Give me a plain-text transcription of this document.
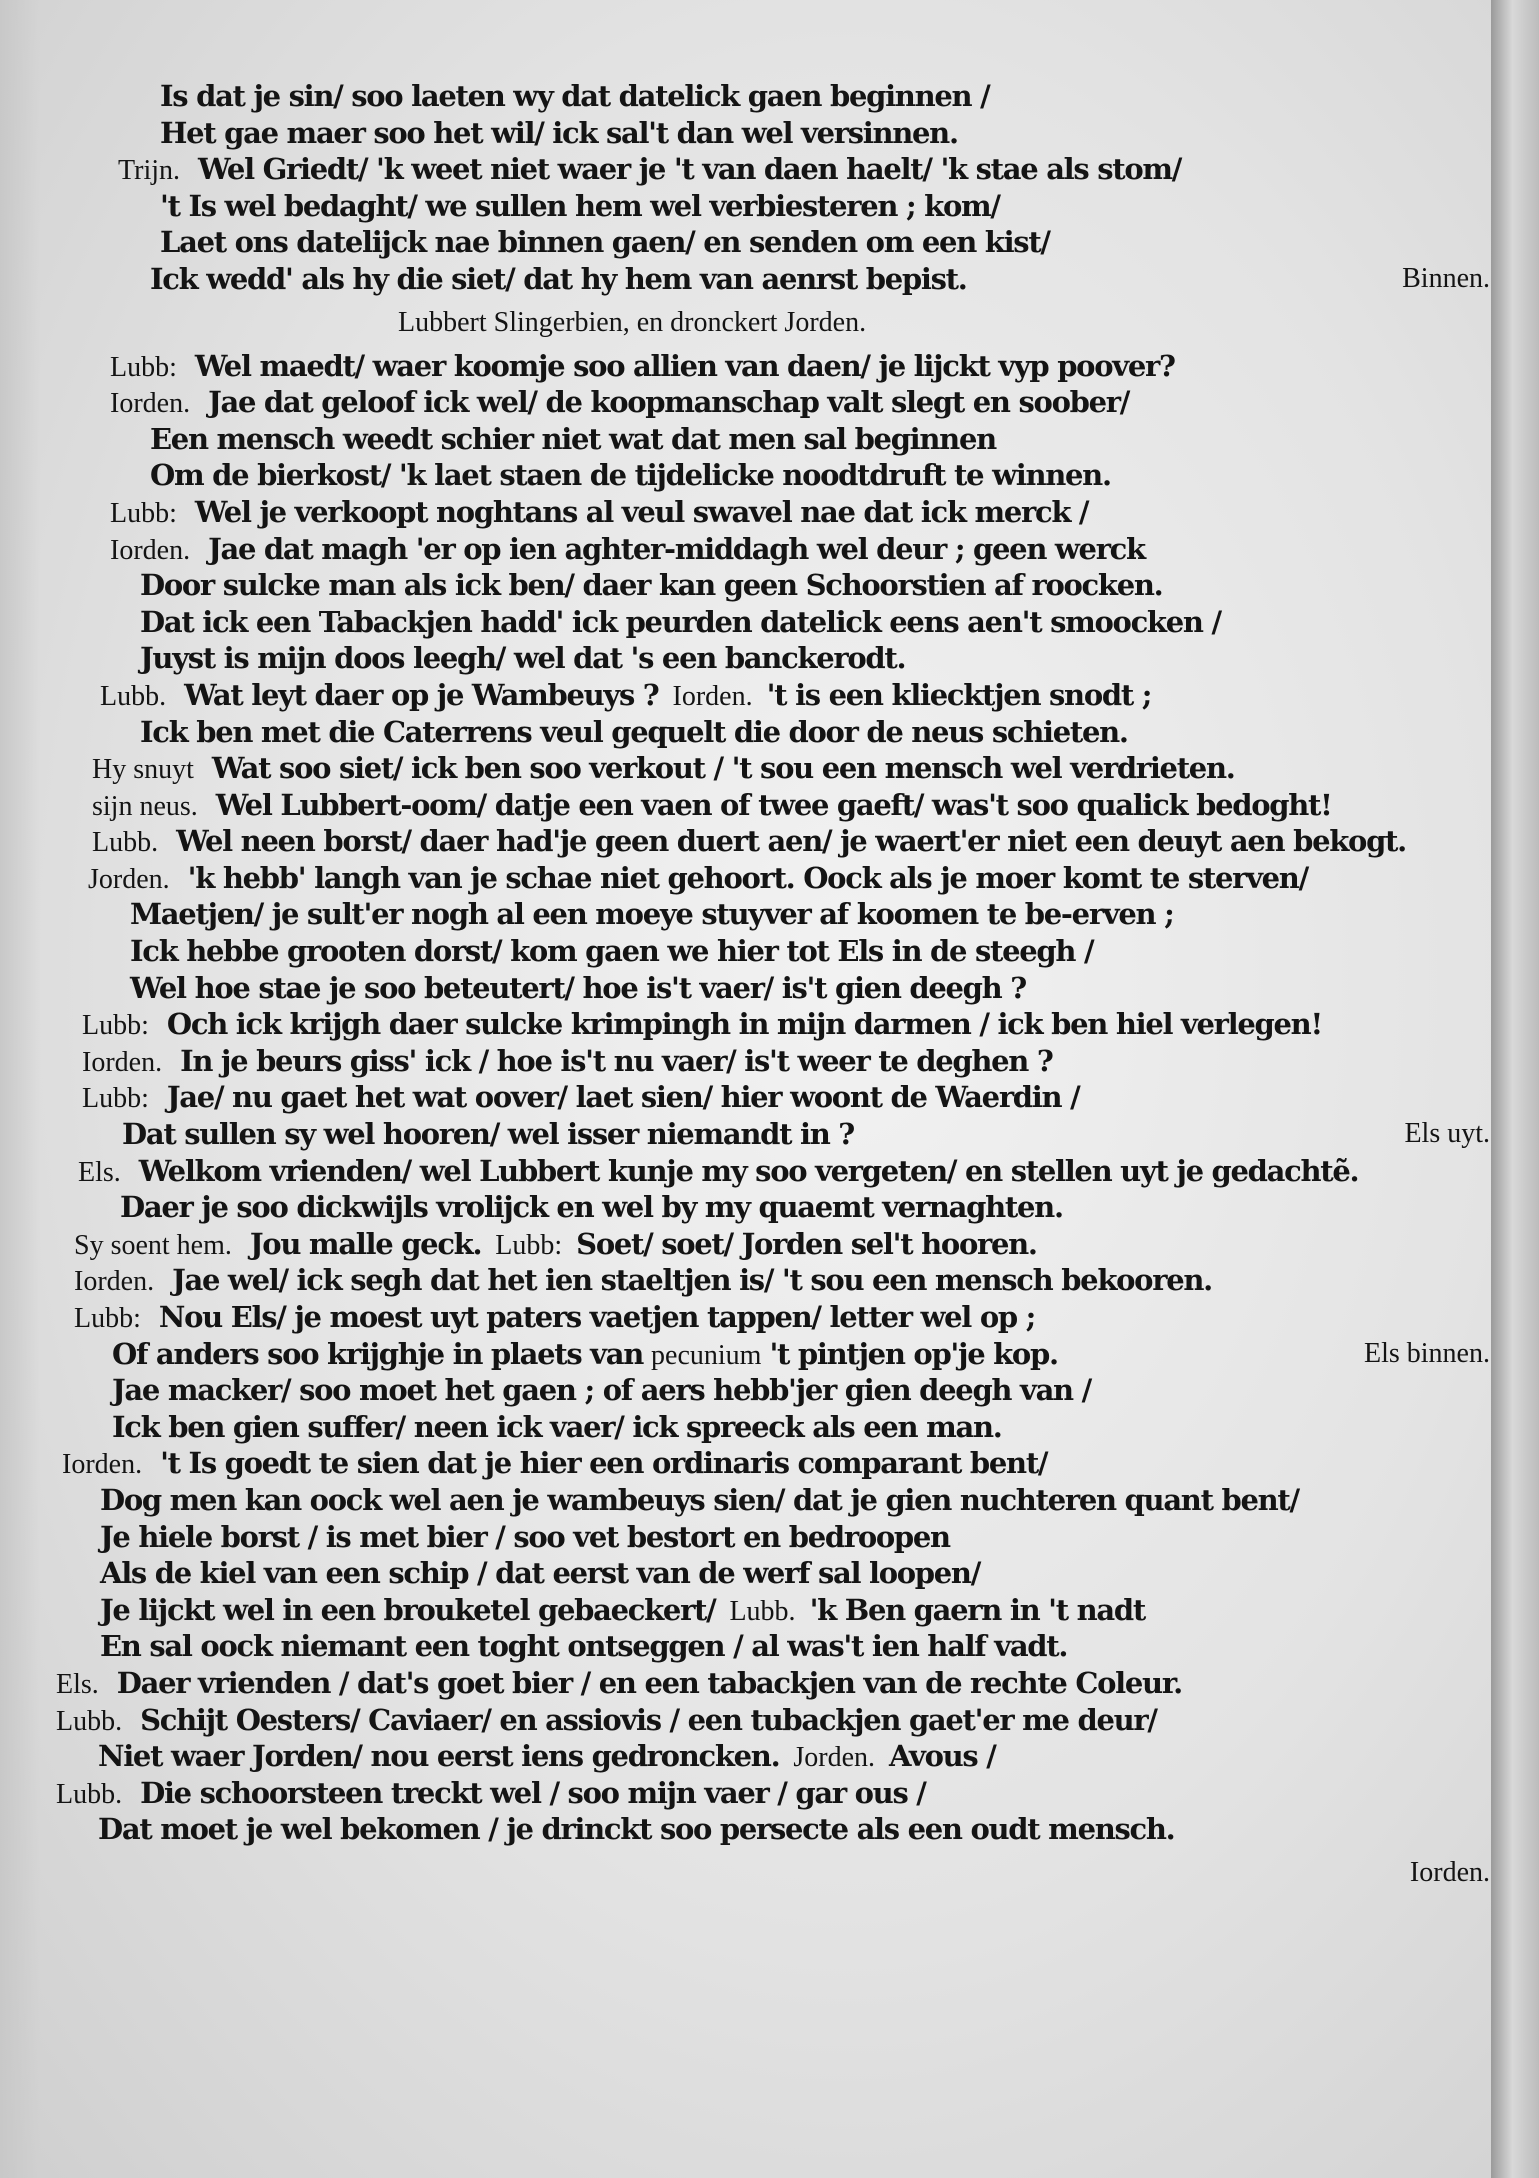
Is dat je sin/ soo laeten wy dat datelick gaen beginnen /
Het gae maer soo het wil/ ick sal't dan wel versinnen.
Trijn. Wel Griedt/ 'k weet niet waer je 't van daen haelt/ 'k stae als stom/
't Is wel bedaght/ we sullen hem wel verbiesteren ; kom/
Laet ons datelijck nae binnen gaen/ en senden om een kist/
Ick wedd' als hy die siet/ dat hy hem van aenrst bepist.	Binnen.
Lubbert Slingerbien, en dronckert Jorden.
Lubb: Wel maedt/ waer koomje soo allien van daen/ je lijckt vyp poover?
Iorden. Jae dat geloof ick wel/ de koopmanschap valt slegt en soober/
Een mensch weedt schier niet wat dat men sal beginnen
Om de bierkost/ 'k laet staen de tijdelicke noodtdruft te winnen.
Lubb: Wel je verkoopt noghtans al veul swavel nae dat ick merck /
Iorden. Jae dat magh 'er op ien aghter-middagh wel deur ; geen werck
Door sulcke man als ick ben/ daer kan geen Schoorstien af roocken.
Dat ick een Tabackjen hadd' ick peurden datelick eens aen't smoocken /
Juyst is mijn doos leegh/ wel dat 's een banckerodt.
Lubb. Wat leyt daer op je Wambeuys ? Iorden. 't is een kliecktjen snodt ;
Ick ben met die Caterrens veul gequelt die door de neus schieten.
Hy snuyt Wat soo siet/ ick ben soo verkout / 't sou een mensch wel verdrieten.
sijn neus. Wel Lubbert-oom/ datje een vaen of twee gaeft/ was't soo qualick bedoght!
Lubb. Wel neen borst/ daer had'je geen duert aen/ je waert'er niet een deuyt aen bekogt.
Jorden. 'k hebb' langh van je schae niet gehoort. Oock als je moer komt te sterven/
Maetjen/ je sult'er nogh al een moeye stuyver af koomen te be-erven ;
Ick hebbe grooten dorst/ kom gaen we hier tot Els in de steegh /
Wel hoe stae je soo beteutert/ hoe is't vaer/ is't gien deegh ?
Lubb: Och ick krijgh daer sulcke krimpingh in mijn darmen / ick ben hiel verlegen!
Iorden. In je beurs giss' ick / hoe is't nu vaer/ is't weer te deghen ?
Lubb: Jae/ nu gaet het wat oover/ laet sien/ hier woont de Waerdin /
Dat sullen sy wel hooren/ wel isser niemandt in ?	Els uyt.
Els. Welkom vrienden/ wel Lubbert kunje my soo vergeten/ en stellen uyt je gedachtẽ.
Daer je soo dickwijls vrolijck en wel by my quaemt vernaghten.
Sy soent hem. Jou malle geck. Lubb: Soet/ soet/ Jorden sel't hooren.
Iorden. Jae wel/ ick segh dat het ien staeltjen is/ 't sou een mensch bekooren.
Lubb: Nou Els/ je moest uyt paters vaetjen tappen/ letter wel op ;
Of anders soo krijghje in plaets van pecunium 't pintjen op'je kop.	Els binnen.
Jae macker/ soo moet het gaen ; of aers hebb'jer gien deegh van /
Ick ben gien suffer/ neen ick vaer/ ick spreeck als een man.
Iorden. 't Is goedt te sien dat je hier een ordinaris comparant bent/
Dog men kan oock wel aen je wambeuys sien/ dat je gien nuchteren quant bent/
Je hiele borst / is met bier / soo vet bestort en bedroopen
Als de kiel van een schip / dat eerst van de werf sal loopen/
Je lijckt wel in een brouketel gebaeckert/ Lubb. 'k Ben gaern in 't nadt
En sal oock niemant een toght ontseggen / al was't ien half vadt.
Els. Daer vrienden / dat's goet bier / en een tabackjen van de rechte Coleur.
Lubb. Schijt Oesters/ Caviaer/ en assiovis / een tubackjen gaet'er me deur/
Niet waer Jorden/ nou eerst iens gedroncken. Jorden. Avous /
Lubb. Die schoorsteen treckt wel / soo mijn vaer / gar ous /
Dat moet je wel bekomen / je drinckt soo persecte als een oudt mensch.
Iorden.
